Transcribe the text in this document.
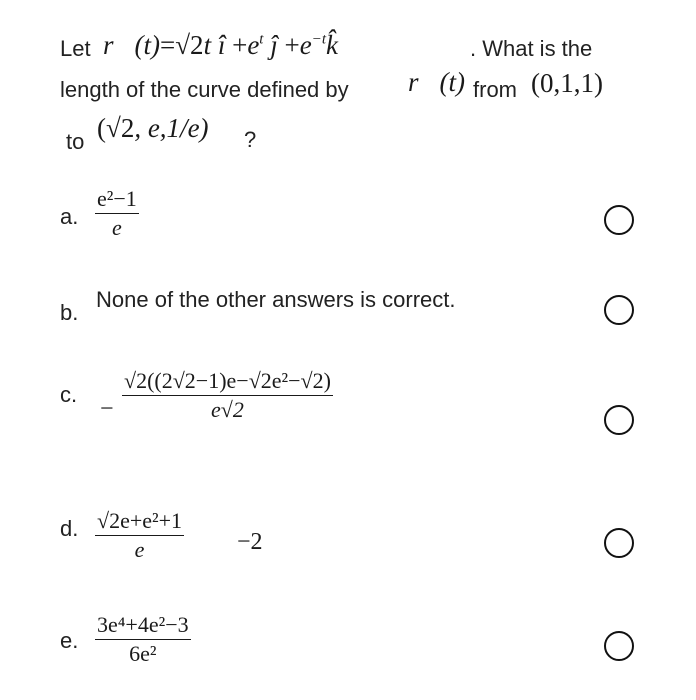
Let r⃗(t)=√2t î $+e^t$ ĵ $+e^{-t}k̂$	. What is the
length of the curve defined by r⃗(t) from (0,1,1)
to (√2, e,1/e) ?
a.
e²−1
e
b.
None of the other answers is correct.
c.
−
√2((2√2−1)e−√2e²−√2)
e√2
d. √2e+e²+1
e	−2
e.
3e⁴+4e²−3
6e²
